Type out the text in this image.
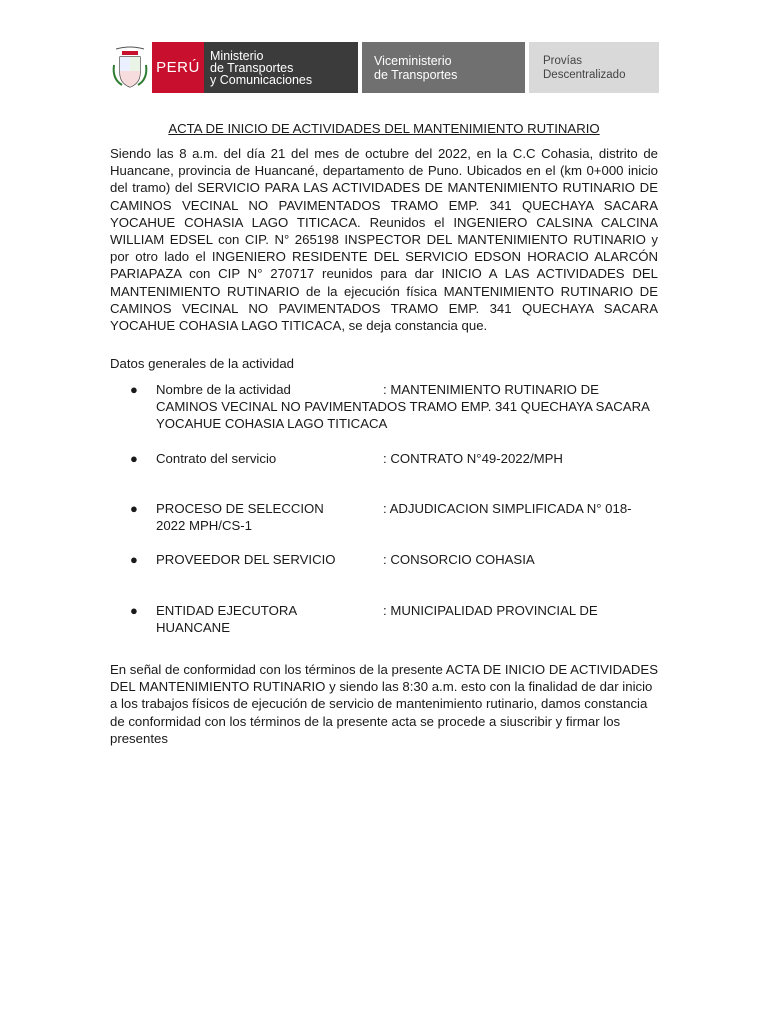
PERÚ
Ministerio
de Transportes
y Comunicaciones
Viceministerio
de Transportes
Provías
Descentralizado
ACTA DE INICIO DE ACTIVIDADES DEL MANTENIMIENTO RUTINARIO

Siendo las 8 a.m. del día 21 del mes de octubre del 2022, en la C.C Cohasia, distrito de Huancane, provincia de Huancané, departamento de Puno. Ubicados en el (km 0+000 inicio del tramo) del SERVICIO PARA LAS ACTIVIDADES DE MANTENIMIENTO RUTINARIO DE CAMINOS VECINAL NO PAVIMENTADOS TRAMO EMP. 341 QUECHAYA SACARA YOCAHUE COHASIA LAGO TITICACA. Reunidos el INGENIERO CALSINA CALCINA WILLIAM EDSEL con CIP. N° 265198 INSPECTOR DEL MANTENIMIENTO RUTINARIO y por otro lado el INGENIERO RESIDENTE DEL SERVICIO EDSON HORACIO ALARCÓN PARIAPAZA con CIP N° 270717 reunidos para dar INICIO A LAS ACTIVIDADES DEL MANTENIMIENTO RUTINARIO de la ejecución física MANTENIMIENTO RUTINARIO DE CAMINOS VECINAL NO PAVIMENTADOS TRAMO EMP. 341 QUECHAYA SACARA YOCAHUE COHASIA LAGO TITICACA, se deja constancia que.

Datos generales de la actividad

● Nombre de la actividad	: MANTENIMIENTO RUTINARIO DE
CAMINOS VECINAL NO PAVIMENTADOS TRAMO EMP. 341 QUECHAYA SACARA YOCAHUE COHASIA LAGO TITICACA
● Contrato del servicio	: CONTRATO N°49-2022/MPH
● PROCESO DE SELECCION 2022 MPH/CS-1
: ADJUDICACION SIMPLIFICADA N° 018-
● PROVEEDOR DEL SERVICIO	: CONSORCIO COHASIA
● ENTIDAD EJECUTORA HUANCANE
: MUNICIPALIDAD PROVINCIAL DE

En señal de conformidad con los términos de la presente ACTA DE INICIO DE ACTIVIDADES DEL MANTENIMIENTO RUTINARIO y siendo las 8:30 a.m. esto con la finalidad de dar inicio a los trabajos físicos de ejecución de servicio de mantenimiento rutinario, damos constancia de conformidad con los términos de la presente acta se procede a siuscribir y firmar los presentes
